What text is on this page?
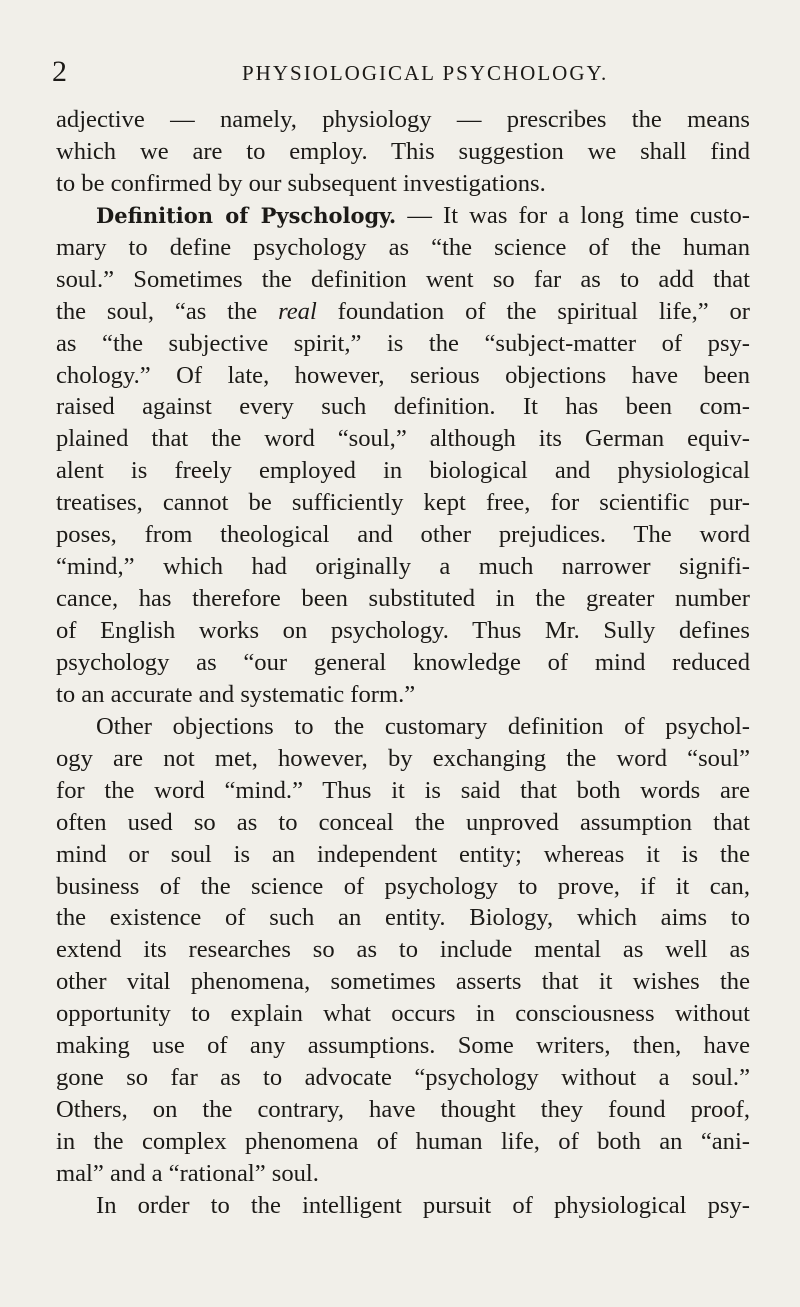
2	PHYSIOLOGICAL PSYCHOLOGY.
adjective — namely, physiology — prescribes the means
which we are to employ. This suggestion we shall find
to be confirmed by our subsequent investigations.
Definition of Pyschology. — It was for a long time custo-
mary to define psychology as “the science of the human
soul.” Sometimes the definition went so far as to add that
the soul, “as the real foundation of the spiritual life,” or
as “the subjective spirit,” is the “subject-matter of psy-
chology.” Of late, however, serious objections have been
raised against every such definition. It has been com-
plained that the word “soul,” although its German equiv-
alent is freely employed in biological and physiological
treatises, cannot be sufficiently kept free, for scientific pur-
poses, from theological and other prejudices. The word
“mind,” which had originally a much narrower signifi-
cance, has therefore been substituted in the greater number
of English works on psychology. Thus Mr. Sully defines
psychology as “our general knowledge of mind reduced
to an accurate and systematic form.”
Other objections to the customary definition of psychol-
ogy are not met, however, by exchanging the word “soul”
for the word “mind.” Thus it is said that both words are
often used so as to conceal the unproved assumption that
mind or soul is an independent entity; whereas it is the
business of the science of psychology to prove, if it can,
the existence of such an entity. Biology, which aims to
extend its researches so as to include mental as well as
other vital phenomena, sometimes asserts that it wishes the
opportunity to explain what occurs in consciousness without
making use of any assumptions. Some writers, then, have
gone so far as to advocate “psychology without a soul.”
Others, on the contrary, have thought they found proof,
in the complex phenomena of human life, of both an “ani-
mal” and a “rational” soul.
In order to the intelligent pursuit of physiological psy-
